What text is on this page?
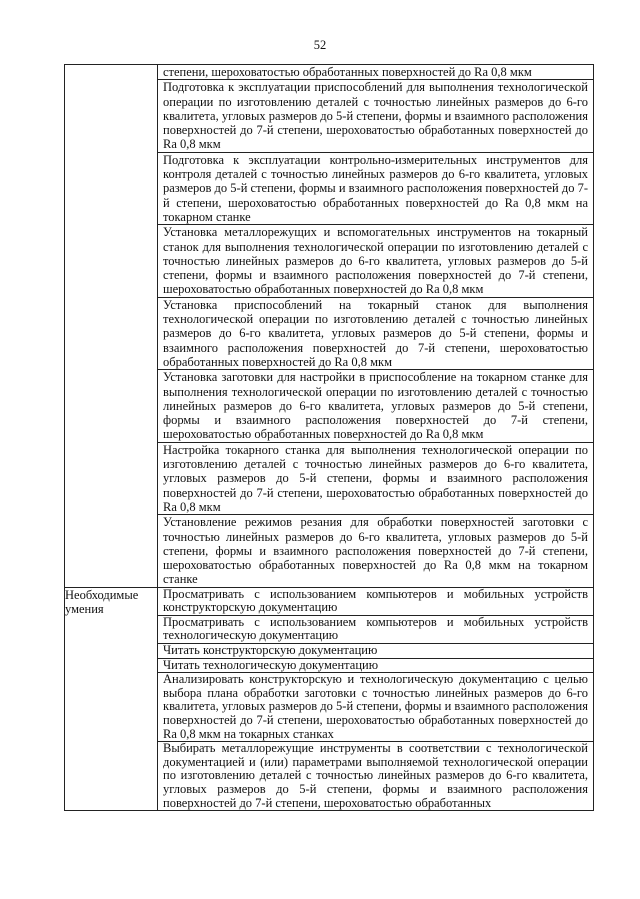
52

	степени, шероховатостью обработанных поверхностей до Ra 0,8 мкм

	Подготовка к эксплуатации приспособлений для выполнения технологической операции по изготовлению деталей с точностью линейных размеров до 6-го квалитета, угловых размеров до 5-й степени, формы и взаимного расположения поверхностей до 7-й степени, шероховатостью обработанных поверхностей до Ra 0,8 мкм

	Подготовка к эксплуатации контрольно-измерительных инструментов для контроля деталей с точностью линейных размеров до 6-го квалитета, угловых размеров до 5-й степени, формы и взаимного расположения поверхностей до 7-й степени, шероховатостью обработанных поверхностей до Ra 0,8 мкм на токарном станке

	Установка металлорежущих и вспомогательных инструментов на токарный станок для выполнения технологической операции по изготовлению деталей с точностью линейных размеров до 6-го квалитета, угловых размеров до 5-й степени, формы и взаимного расположения поверхностей до 7-й степени, шероховатостью обработанных поверхностей до Ra 0,8 мкм

	Установка приспособлений на токарный станок для выполнения технологической операции по изготовлению деталей с точностью линейных размеров до 6-го квалитета, угловых размеров до 5-й степени, формы и взаимного расположения поверхностей до 7-й степени, шероховатостью обработанных поверхностей до Ra 0,8 мкм

	Установка заготовки для настройки в приспособление на токарном станке для выполнения технологической операции по изготовлению деталей с точностью линейных размеров до 6-го квалитета, угловых размеров до 5-й степени, формы и взаимного расположения поверхностей до 7-й степени, шероховатостью обработанных поверхностей до Ra 0,8 мкм

	Настройка токарного станка для выполнения технологической операции по изготовлению деталей с точностью линейных размеров до 6-го квалитета, угловых размеров до 5-й степени, формы и взаимного расположения поверхностей до 7-й степени, шероховатостью обработанных поверхностей до Ra 0,8 мкм

	Установление режимов резания для обработки поверхностей заготовки с точностью линейных размеров до 6-го квалитета, угловых размеров до 5-й степени, формы и взаимного расположения поверхностей до 7-й степени, шероховатостью обработанных поверхностей до Ra 0,8 мкм на токарном станке

Необходимые умения	Просматривать с использованием компьютеров и мобильных устройств конструкторскую документацию

	Просматривать с использованием компьютеров и мобильных устройств технологическую документацию

	Читать конструкторскую документацию

	Читать технологическую документацию

	Анализировать конструкторскую и технологическую документацию с целью выбора плана обработки заготовки с точностью линейных размеров до 6-го квалитета, угловых размеров до 5-й степени, формы и взаимного расположения поверхностей до 7-й степени, шероховатостью обработанных поверхностей до Ra 0,8 мкм на токарных станках

	Выбирать металлорежущие инструменты в соответствии с технологической документацией и (или) параметрами выполняемой технологической операции по изготовлению деталей с точностью линейных размеров до 6-го квалитета, угловых размеров до 5-й степени, формы и взаимного расположения поверхностей до 7-й степени, шероховатостью обработанных
